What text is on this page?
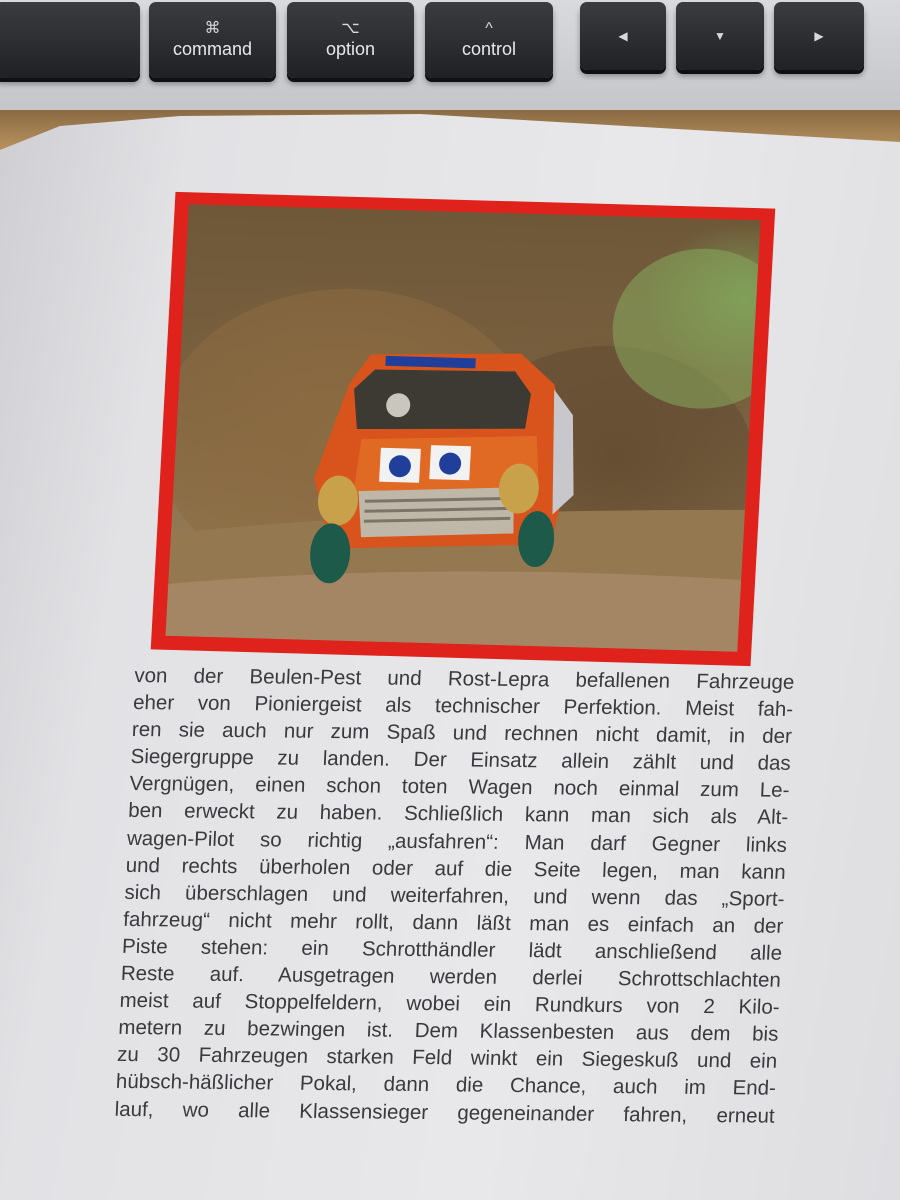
⌘
command
⌥
option
^
control
◀	▼	▶
von der Beulen-Pest und Rost-Lepra befallenen Fahrzeuge
eher von Pioniergeist als technischer Perfektion. Meist fah-
ren sie auch nur zum Spaß und rechnen nicht damit, in der
Siegergruppe zu landen. Der Einsatz allein zählt und das
Vergnügen, einen schon toten Wagen noch einmal zum Le-
ben erweckt zu haben. Schließlich kann man sich als Alt-
wagen-Pilot so richtig „ausfahren“: Man darf Gegner links
und rechts überholen oder auf die Seite legen, man kann
sich überschlagen und weiterfahren, und wenn das „Sport-
fahrzeug“ nicht mehr rollt, dann läßt man es einfach an der
Piste stehen: ein Schrotthändler lädt anschließend alle
Reste auf. Ausgetragen werden derlei Schrottschlachten
meist auf Stoppelfeldern, wobei ein Rundkurs von 2 Kilo-
metern zu bezwingen ist. Dem Klassenbesten aus dem bis
zu 30 Fahrzeugen starken Feld winkt ein Siegeskuß und ein
hübsch-häßlicher Pokal, dann die Chance, auch im End-
lauf, wo alle Klassensieger gegeneinander fahren, erneut
